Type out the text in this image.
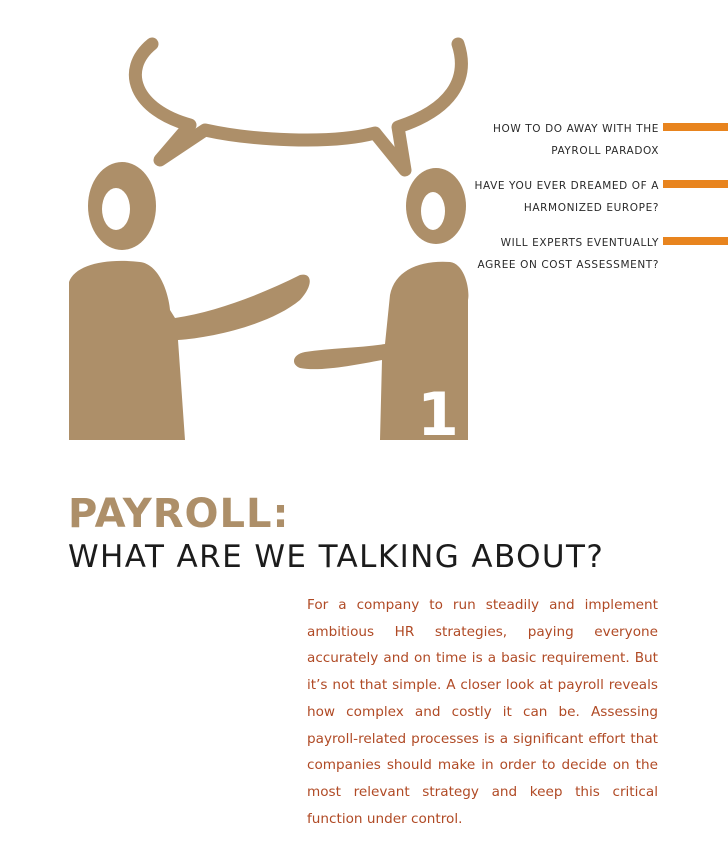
1
HOW TO DO AWAY WITH THE
PAYROLL PARADOX
HAVE YOU EVER DREAMED OF A
HARMONIZED EUROPE?
WILL EXPERTS EVENTUALLY
AGREE ON COST ASSESSMENT?
PAYROLL:
WHAT ARE WE TALKING ABOUT?
For a company to run steadily and implement ambitious HR strategies, paying everyone accurately and on time is a basic requirement. But it’s not that simple. A closer look at payroll reveals how complex and costly it can be. Assessing payroll-related processes is a significant effort that companies should make in order to decide on the most relevant strategy and keep this critical function under control.
